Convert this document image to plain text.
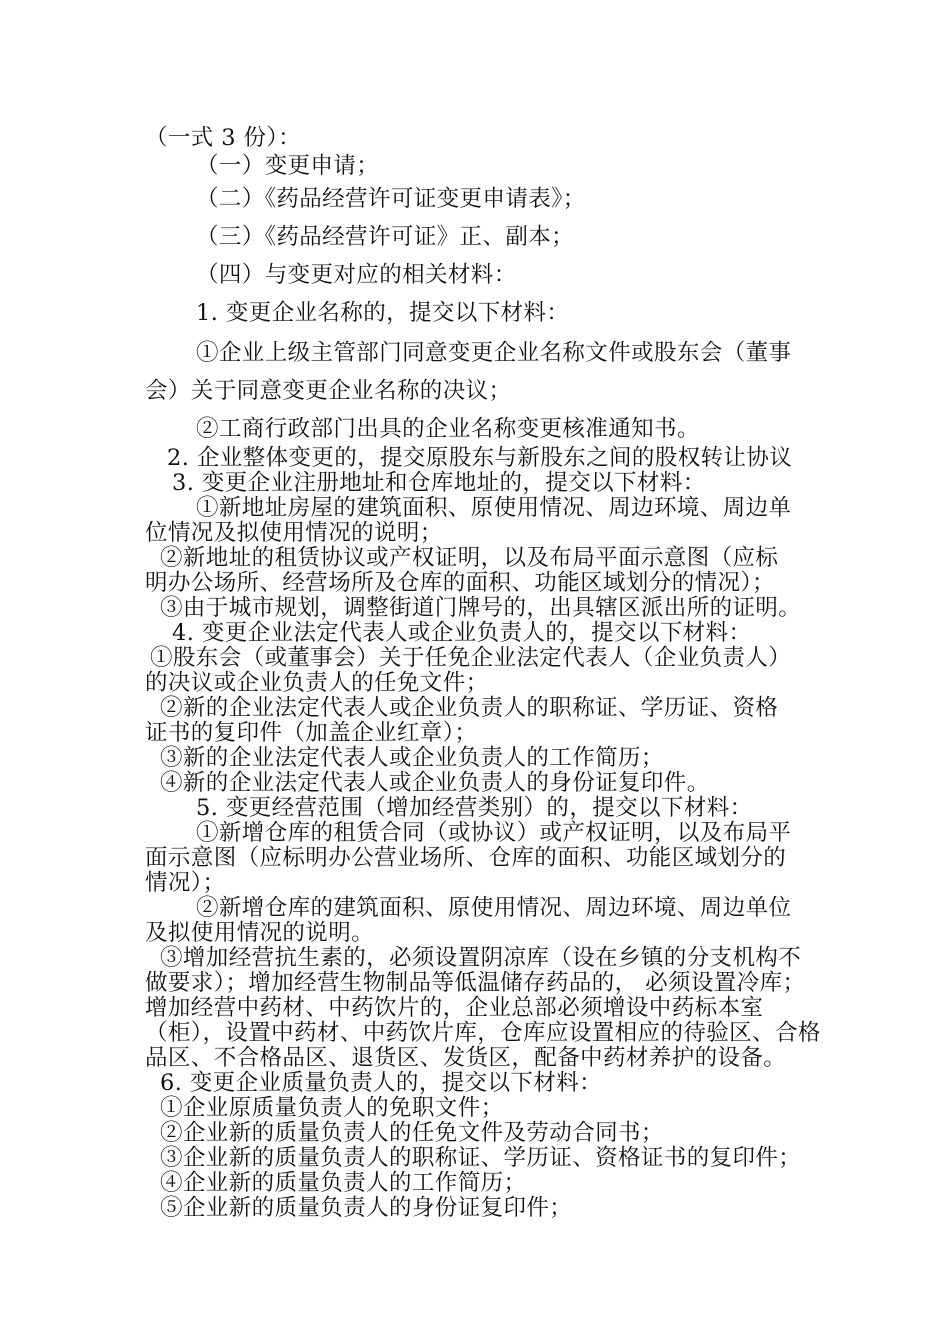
（一式 3 份）：
（一）变更申请；
（二）《药品经营许可证变更申请表》；
（三）《药品经营许可证》正、副本；
（四）与变更对应的相关材料：
1. 变更企业名称的，提交以下材料：
①企业上级主管部门同意变更企业名称文件或股东会（董事
会）关于同意变更企业名称的决议；
②工商行政部门出具的企业名称变更核准通知书。
2. 企业整体变更的，提交原股东与新股东之间的股权转让协议
3. 变更企业注册地址和仓库地址的，提交以下材料：
①新地址房屋的建筑面积、原使用情况、周边环境、周边单
位情况及拟使用情况的说明；
②新地址的租赁协议或产权证明，以及布局平面示意图（应标
明办公场所、经营场所及仓库的面积、功能区域划分的情况）；
③由于城市规划，调整街道门牌号的，出具辖区派出所的证明。
4. 变更企业法定代表人或企业负责人的，提交以下材料：
①股东会（或董事会）关于任免企业法定代表人（企业负责人）
的决议或企业负责人的任免文件；
②新的企业法定代表人或企业负责人的职称证、学历证、资格
证书的复印件（加盖企业红章）；
③新的企业法定代表人或企业负责人的工作简历；
④新的企业法定代表人或企业负责人的身份证复印件。
5. 变更经营范围（增加经营类别）的，提交以下材料：
①新增仓库的租赁合同（或协议）或产权证明，以及布局平
面示意图（应标明办公营业场所、仓库的面积、功能区域划分的
情况）；
②新增仓库的建筑面积、原使用情况、周边环境、周边单位
及拟使用情况的说明。
③增加经营抗生素的，必须设置阴凉库（设在乡镇的分支机构不
做要求）；增加经营生物制品等低温储存药品的， 必须设置冷库；
增加经营中药材、中药饮片的，企业总部必须增设中药标本室
（柜），设置中药材、中药饮片库，仓库应设置相应的待验区、合格
品区、不合格品区、退货区、发货区，配备中药材养护的设备。
6. 变更企业质量负责人的，提交以下材料：
①企业原质量负责人的免职文件；
②企业新的质量负责人的任免文件及劳动合同书；
③企业新的质量负责人的职称证、学历证、资格证书的复印件；
④企业新的质量负责人的工作简历；
⑤企业新的质量负责人的身份证复印件；
